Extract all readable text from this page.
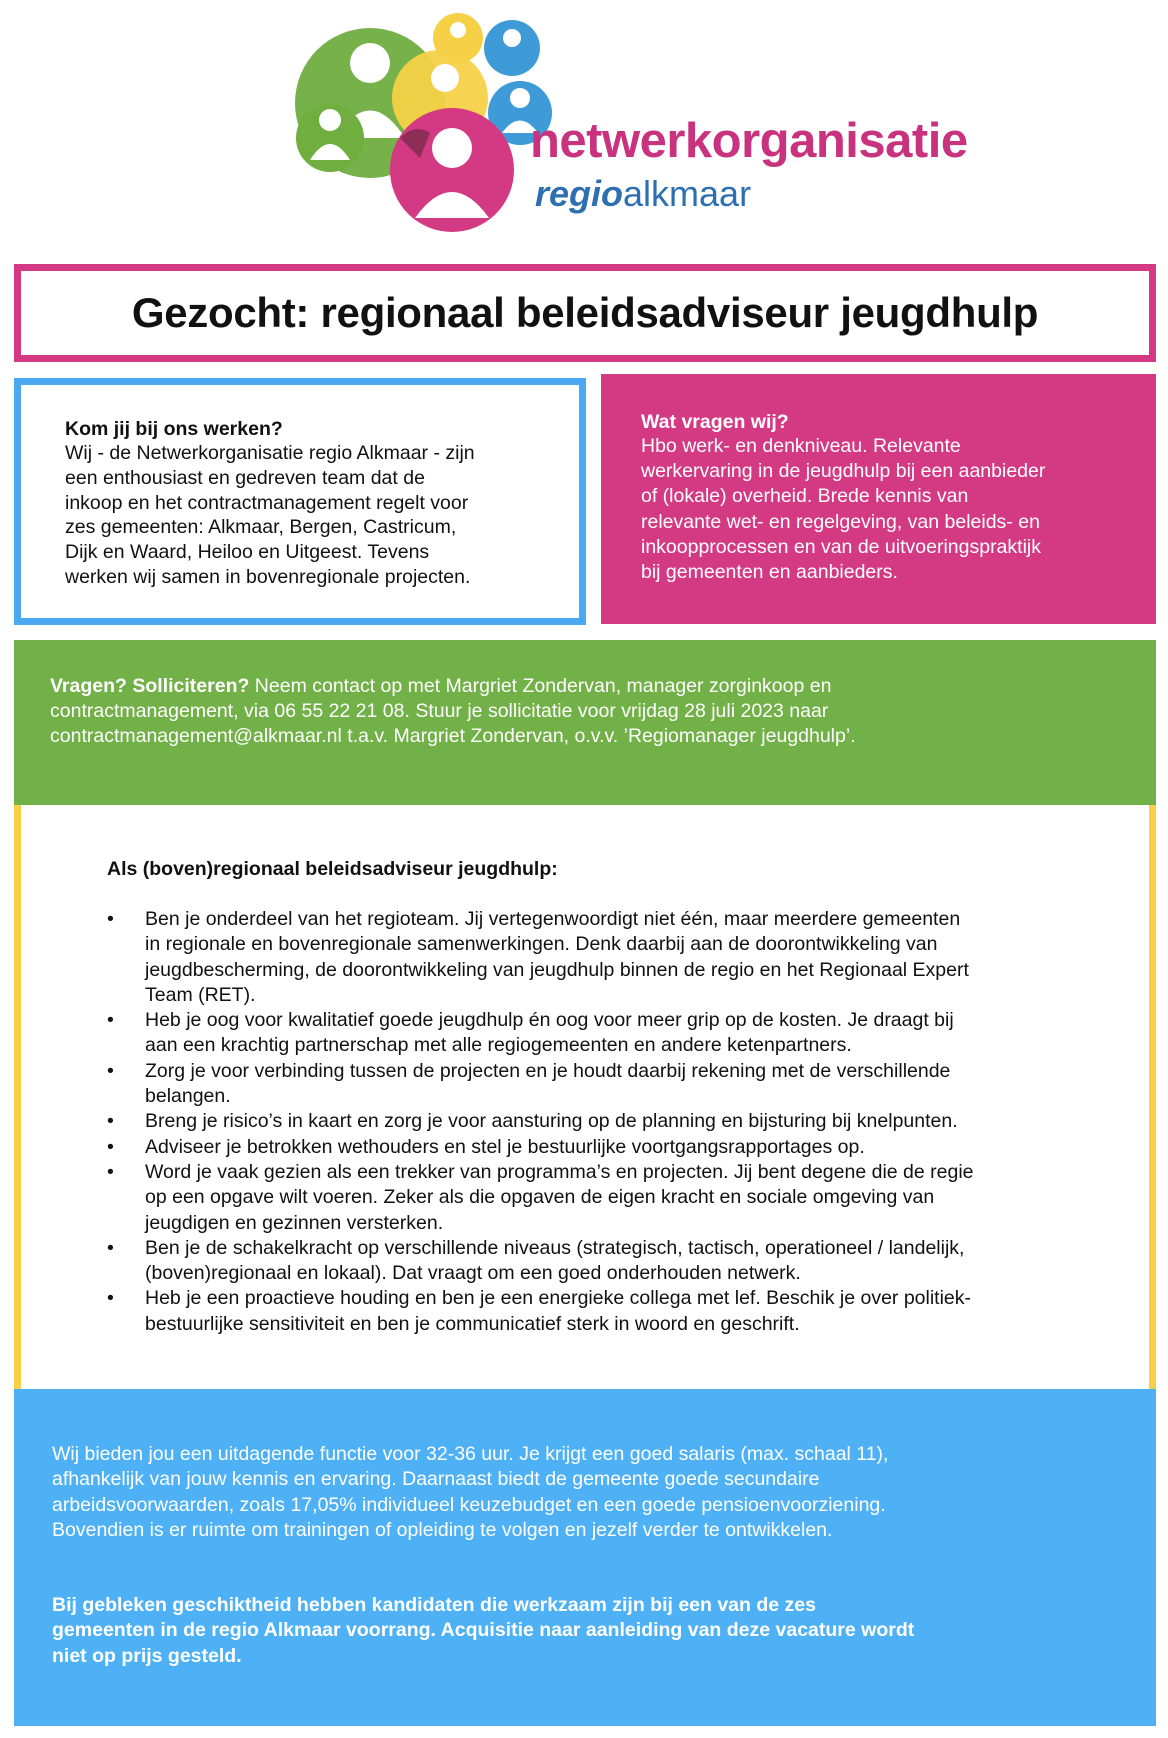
netwerkorganisatie
regioalkmaar
Gezocht: regionaal beleidsadviseur jeugdhulp
Kom jij bij ons werken?

Wij - de Netwerkorganisatie regio Alkmaar - zijn
een enthousiast en gedreven team dat de
inkoop en het contractmanagement regelt voor
zes gemeenten: Alkmaar, Bergen, Castricum,
Dijk en Waard, Heiloo en Uitgeest. Tevens
werken wij samen in bovenregionale projecten.

Wat vragen wij?

Hbo werk- en denkniveau. Relevante
werkervaring in de jeugdhulp bij een aanbieder
of (lokale) overheid. Brede kennis van
relevante wet- en regelgeving, van beleids- en
inkoopprocessen en van de uitvoeringspraktijk
bij gemeenten en aanbieders.

Vragen? Solliciteren? Neem contact op met Margriet Zondervan, manager zorginkoop en
contractmanagement, via 06 55 22 21 08. Stuur je sollicitatie voor vrijdag 28 juli 2023 naar
contractmanagement@alkmaar.nl t.a.v. Margriet Zondervan, o.v.v. ’Regiomanager jeugdhulp’.

Als (boven)regionaal beleidsadviseur jeugdhulp:
• Ben je onderdeel van het regioteam. Jij vertegenwoordigt niet één, maar meerdere gemeenten
in regionale en bovenregionale samenwerkingen. Denk daarbij aan de doorontwikkeling van
jeugdbescherming, de doorontwikkeling van jeugdhulp binnen de regio en het Regionaal Expert
Team (RET).
• Heb je oog voor kwalitatief goede jeugdhulp én oog voor meer grip op de kosten. Je draagt bij
aan een krachtig partnerschap met alle regiogemeenten en andere ketenpartners.
• Zorg je voor verbinding tussen de projecten en je houdt daarbij rekening met de verschillende
belangen.
• Breng je risico’s in kaart en zorg je voor aansturing op de planning en bijsturing bij knelpunten.
• Adviseer je betrokken wethouders en stel je bestuurlijke voortgangsrapportages op.
• Word je vaak gezien als een trekker van programma’s en projecten. Jij bent degene die de regie
op een opgave wilt voeren. Zeker als die opgaven de eigen kracht en sociale omgeving van
jeugdigen en gezinnen versterken.
• Ben je de schakelkracht op verschillende niveaus (strategisch, tactisch, operationeel / landelijk,
(boven)regionaal en lokaal). Dat vraagt om een goed onderhouden netwerk.
• Heb je een proactieve houding en ben je een energieke collega met lef. Beschik je over politiek-
bestuurlijke sensitiviteit en ben je communicatief sterk in woord en geschrift.

Wij bieden jou een uitdagende functie voor 32-36 uur. Je krijgt een goed salaris (max. schaal 11),
afhankelijk van jouw kennis en ervaring. Daarnaast biedt de gemeente goede secundaire
arbeidsvoorwaarden, zoals 17,05% individueel keuzebudget en een goede pensioenvoorziening.
Bovendien is er ruimte om trainingen of opleiding te volgen en jezelf verder te ontwikkelen.

Bij gebleken geschiktheid hebben kandidaten die werkzaam zijn bij een van de zes
gemeenten in de regio Alkmaar voorrang. Acquisitie naar aanleiding van deze vacature wordt
niet op prijs gesteld.
